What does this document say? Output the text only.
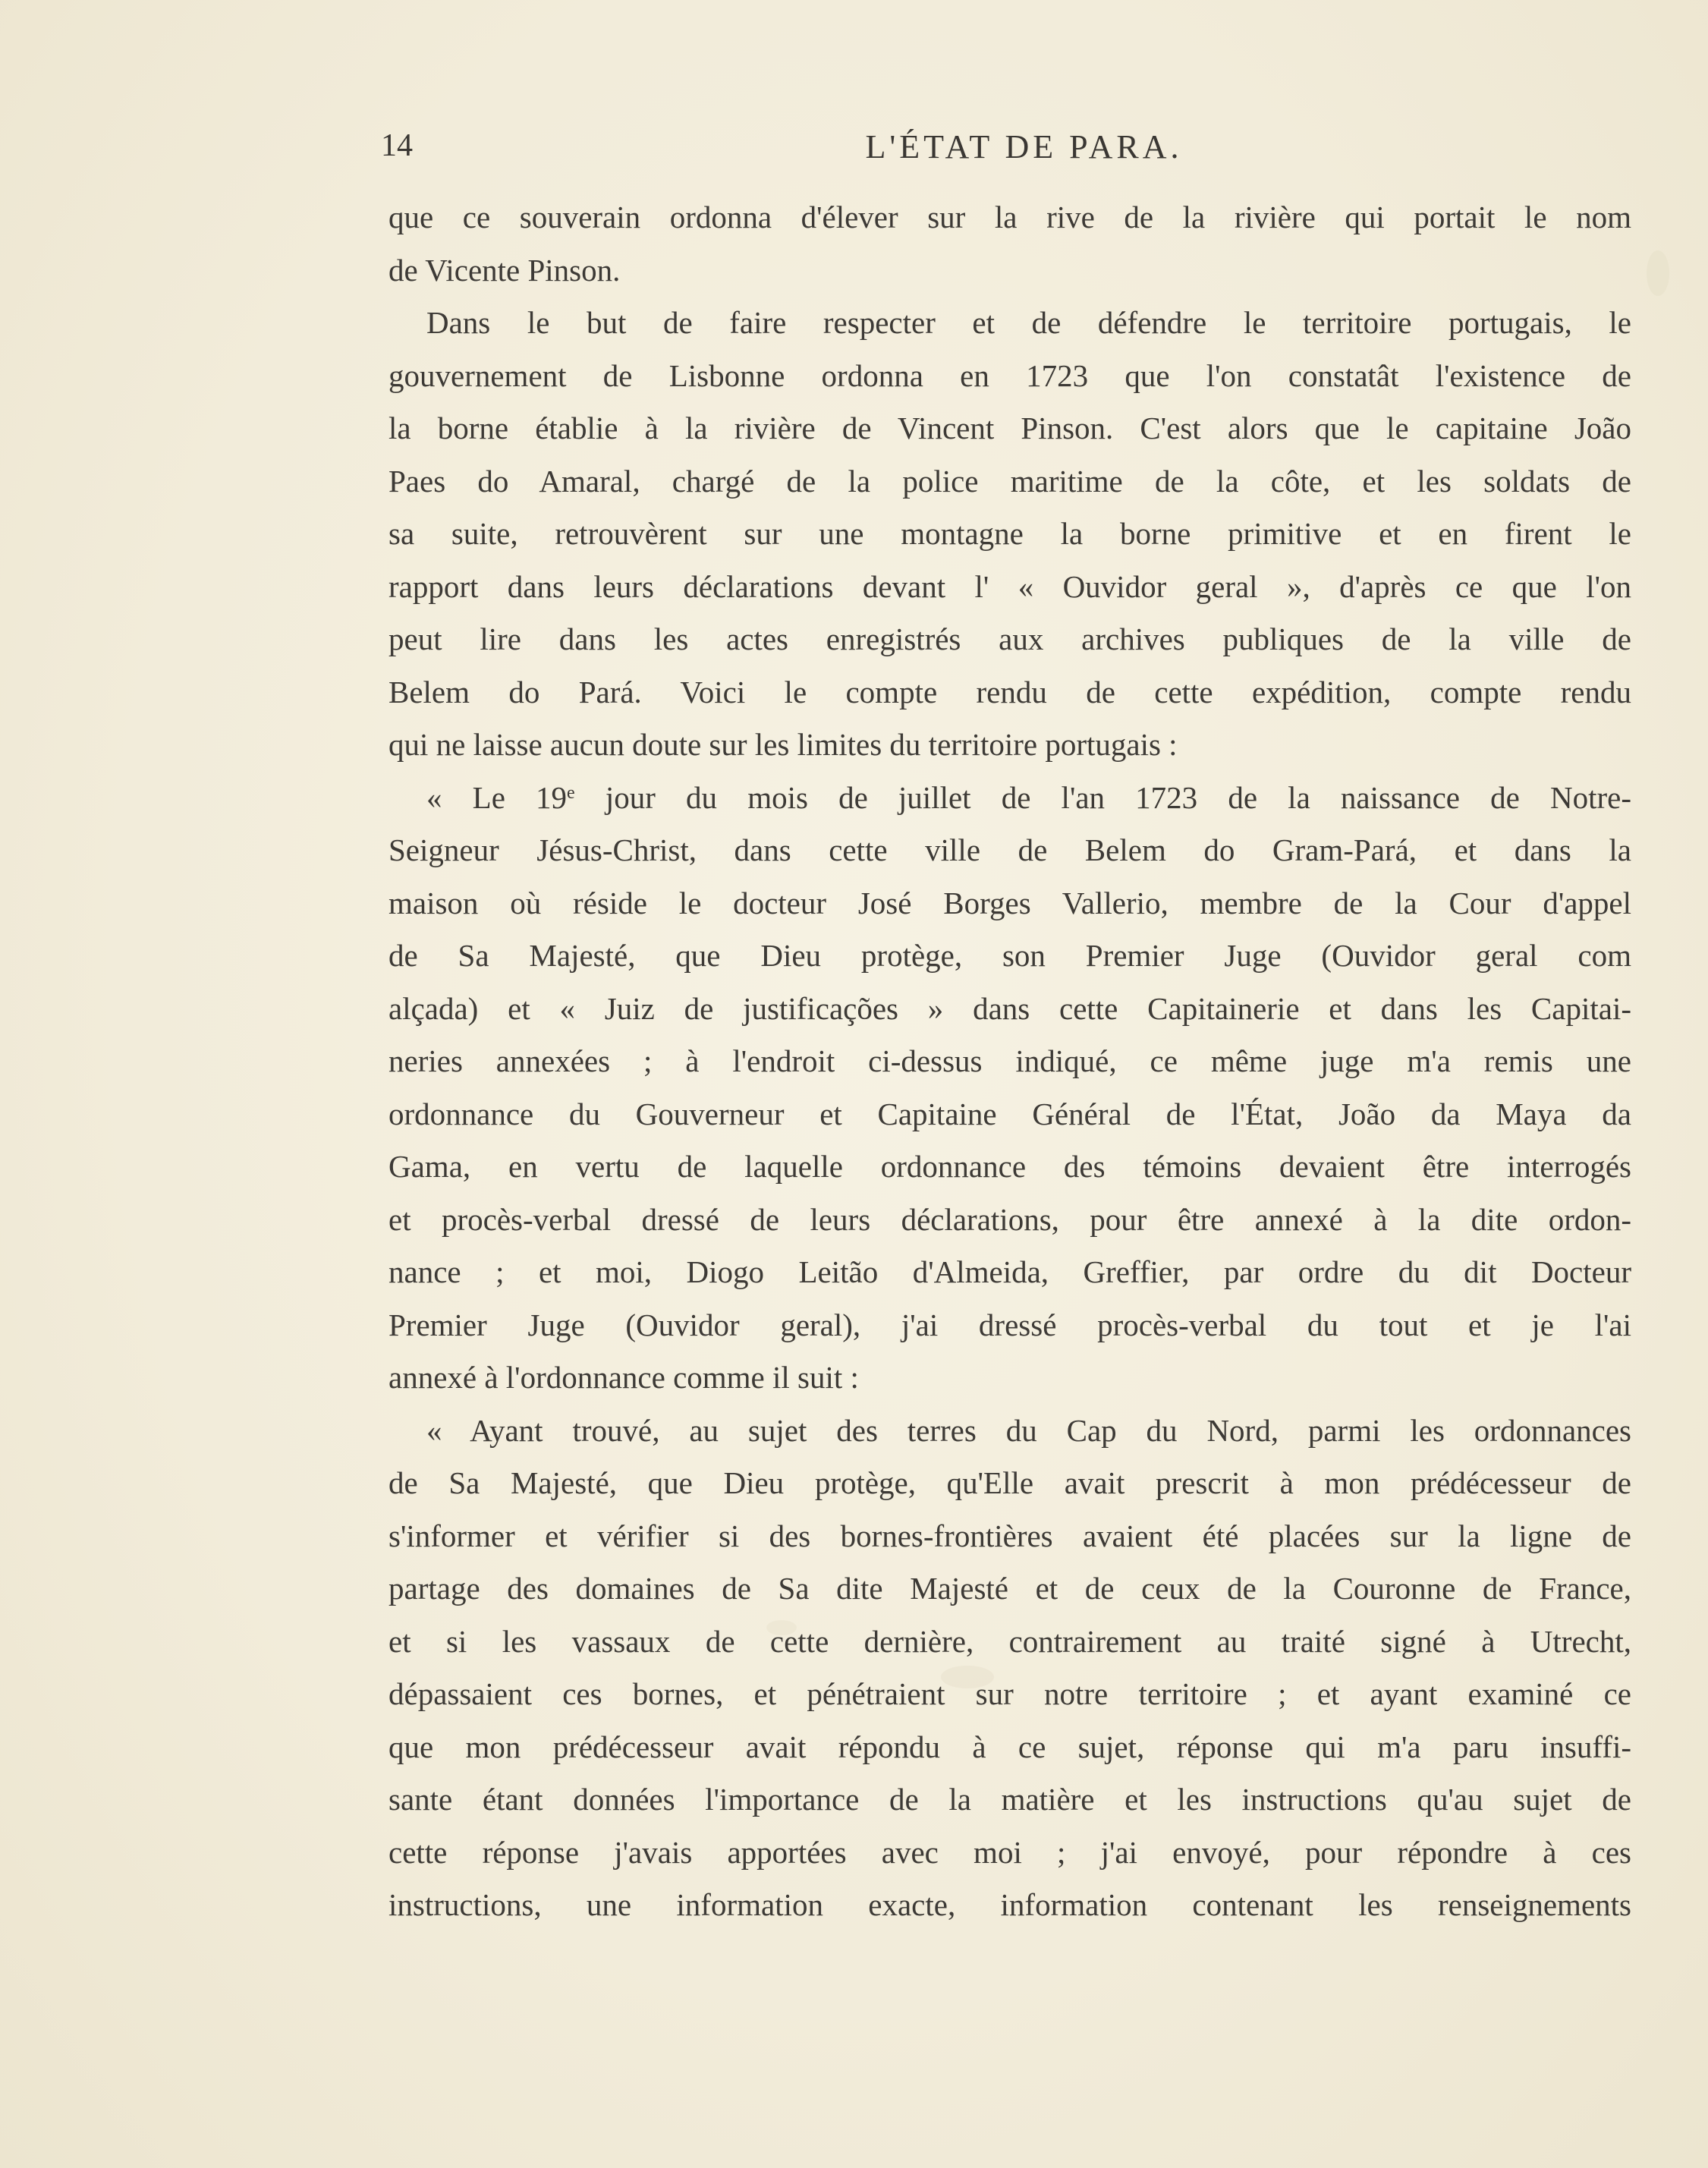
14	L'ÉTAT DE PARA.
que ce souverain ordonna d'élever sur la rive de la rivière qui portait le nom
de Vicente Pinson.
Dans le but de faire respecter et de défendre le territoire portugais, le
gouvernement de Lisbonne ordonna en 1723 que l'on constatât l'existence de
la borne établie à la rivière de Vincent Pinson. C'est alors que le capitaine João
Paes do Amaral, chargé de la police maritime de la côte, et les soldats de
sa suite, retrouvèrent sur une montagne la borne primitive et en firent le
rapport dans leurs déclarations devant l' « Ouvidor geral », d'après ce que l'on
peut lire dans les actes enregistrés aux archives publiques de la ville de
Belem do Pará. Voici le compte rendu de cette expédition, compte rendu
qui ne laisse aucun doute sur les limites du territoire portugais :
« Le 19e jour du mois de juillet de l'an 1723 de la naissance de Notre-
Seigneur Jésus-Christ, dans cette ville de Belem do Gram-Pará, et dans la
maison où réside le docteur José Borges Vallerio, membre de la Cour d'appel
de Sa Majesté, que Dieu protège, son Premier Juge (Ouvidor geral com
alçada) et « Juiz de justificações » dans cette Capitainerie et dans les Capitai-
neries annexées ; à l'endroit ci-dessus indiqué, ce même juge m'a remis une
ordonnance du Gouverneur et Capitaine Général de l'État, João da Maya da
Gama, en vertu de laquelle ordonnance des témoins devaient être interrogés
et procès-verbal dressé de leurs déclarations, pour être annexé à la dite ordon-
nance ; et moi, Diogo Leitão d'Almeida, Greffier, par ordre du dit Docteur
Premier Juge (Ouvidor geral), j'ai dressé procès-verbal du tout et je l'ai
annexé à l'ordonnance comme il suit :
« Ayant trouvé, au sujet des terres du Cap du Nord, parmi les ordonnances
de Sa Majesté, que Dieu protège, qu'Elle avait prescrit à mon prédécesseur de
s'informer et vérifier si des bornes-frontières avaient été placées sur la ligne de
partage des domaines de Sa dite Majesté et de ceux de la Couronne de France,
et si les vassaux de cette dernière, contrairement au traité signé à Utrecht,
dépassaient ces bornes, et pénétraient sur notre territoire ; et ayant examiné ce
que mon prédécesseur avait répondu à ce sujet, réponse qui m'a paru insuffi-
sante étant données l'importance de la matière et les instructions qu'au sujet de
cette réponse j'avais apportées avec moi ; j'ai envoyé, pour répondre à ces
instructions, une information exacte, information contenant les renseignements
